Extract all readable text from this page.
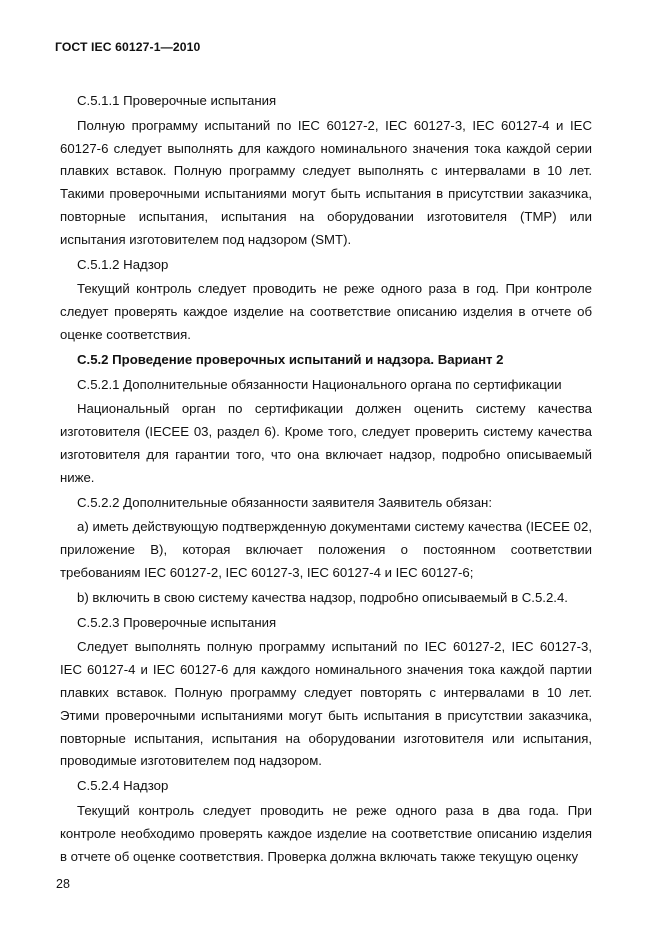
ГОСТ IEC 60127-1—2010

C.5.1.1 Проверочные испытания

Полную программу испытаний по IEC 60127-2, IEC 60127-3, IEC 60127-4 и IEC 60127-6 следует выполнять для каждого номинального значения тока каждой серии плавких вставок. Полную программу следует выполнять с интервалами в 10 лет. Такими проверочными испытаниями могут быть испытания в присутствии заказчика, повторные испытания, испытания на оборудовании изготовителя (TMP) или испытания изготовителем под надзором (SMT).

C.5.1.2 Надзор

Текущий контроль следует проводить не реже одного раза в год. При контроле следует проверять каждое изделие на соответствие описанию изделия в отчете об оценке соответствия.

C.5.2 Проведение проверочных испытаний и надзора. Вариант 2

C.5.2.1 Дополнительные обязанности Национального органа по сертификации

Национальный орган по сертификации должен оценить систему качества изготовителя (IECEE 03, раздел 6). Кроме того, следует проверить систему качества изготовителя для гарантии того, что она включает надзор, подробно описываемый ниже.

C.5.2.2 Дополнительные обязанности заявителя Заявитель обязан:

a) иметь действующую подтвержденную документами систему качества (IECEE 02, приложение В), которая включает положения о постоянном соответствии требованиям IEC 60127-2, IEC 60127-3, IEC 60127-4 и IEC 60127-6;

b) включить в свою систему качества надзор, подробно описываемый в С.5.2.4.

C.5.2.3 Проверочные испытания

Следует выполнять полную программу испытаний по IEC 60127-2, IEC 60127-3, IEC 60127-4 и IEC 60127-6 для каждого номинального значения тока каждой партии плавких вставок. Полную программу следует повторять с интервалами в 10 лет. Этими проверочными испытаниями могут быть испытания в присутствии заказчика, повторные испытания, испытания на оборудовании изготовителя или испытания, проводимые изготовителем под надзором.

C.5.2.4 Надзор

Текущий контроль следует проводить не реже одного раза в два года. При контроле необходимо проверять каждое изделие на соответствие описанию изделия в отчете об оценке соответствия. Проверка должна включать также текущую оценку

28
